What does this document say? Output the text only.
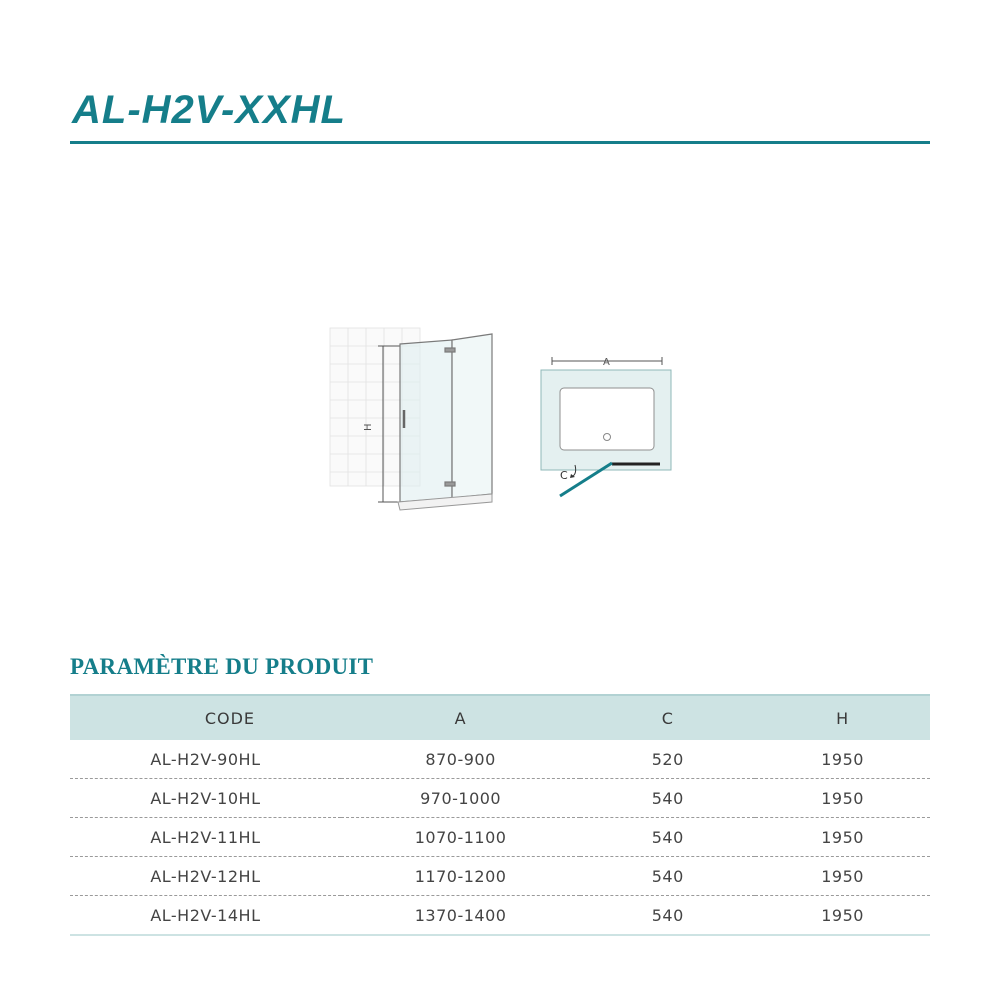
AL-H2V-XXHL
H
A
C
PARAMÈTRE DU PRODUIT
CODE	A	C	H
AL-H2V-90HL	870-900	520	1950
AL-H2V-10HL	970-1000	540	1950
AL-H2V-11HL	1070-1100	540	1950
AL-H2V-12HL	1170-1200	540	1950
AL-H2V-14HL	1370-1400	540	1950
